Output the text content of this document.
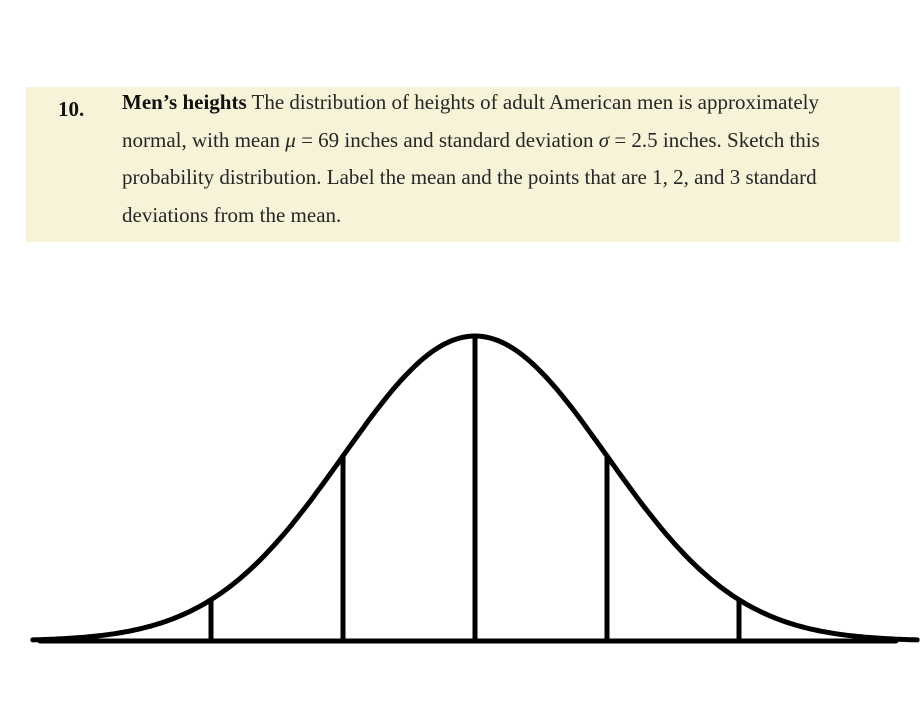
10. Men’s heights The distribution of heights of adult American men is approximately normal, with mean μ = 69 inches and standard deviation σ = 2.5 inches. Sketch this probability distribution. Label the mean and the points that are 1, 2, and 3 standard deviations from the mean.
